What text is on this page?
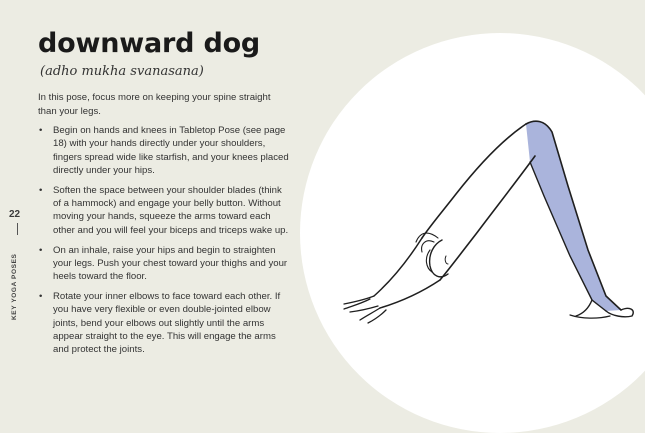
22
KEY YOGA POSES
downward dog
(adho mukha svanasana)

In this pose, focus more on keeping your spine straight than your legs.

• Begin on hands and knees in Tabletop Pose (see page 18) with your hands directly under your shoulders, fingers spread wide like starfish, and your knees placed directly under your hips.
• Soften the space between your shoulder blades (think of a hammock) and engage your belly button. Without moving your hands, squeeze the arms toward each other and you will feel your biceps and triceps wake up.
• On an inhale, raise your hips and begin to straighten your legs. Push your chest toward your thighs and your heels toward the floor.
• Rotate your inner elbows to face toward each other. If you have very flexible or even double-jointed elbow joints, bend your elbows out slightly until the arms appear straight to the eye. This will engage the arms and protect the joints.
